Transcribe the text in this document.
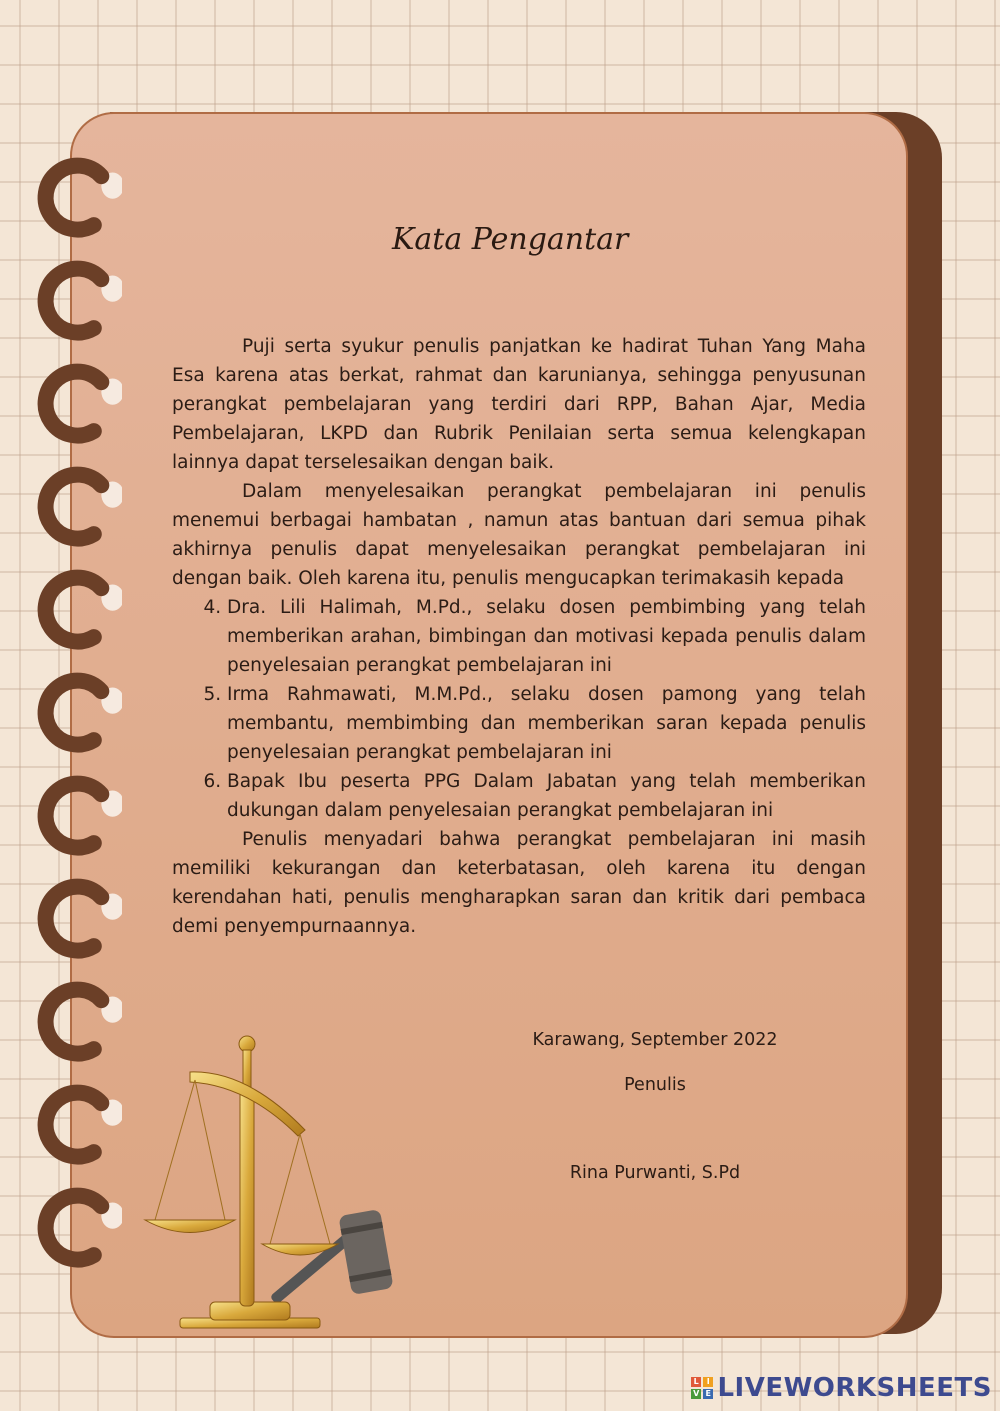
Kata Pengantar

Puji serta syukur penulis panjatkan ke hadirat Tuhan Yang Maha Esa karena atas berkat, rahmat dan karunianya, sehingga penyusunan perangkat pembelajaran yang terdiri dari RPP, Bahan Ajar, Media Pembelajaran, LKPD dan Rubrik Penilaian serta semua kelengkapan lainnya dapat terselesaikan dengan baik.

Dalam menyelesaikan perangkat pembelajaran ini penulis menemui berbagai hambatan , namun atas bantuan dari semua pihak akhirnya penulis dapat menyelesaikan perangkat pembelajaran ini dengan baik. Oleh karena itu, penulis mengucapkan terimakasih kepada

4. Dra. Lili Halimah, M.Pd., selaku dosen pembimbing yang telah memberikan arahan, bimbingan dan motivasi kepada penulis dalam penyelesaian perangkat pembelajaran ini
5. Irma Rahmawati, M.M.Pd., selaku dosen pamong yang telah membantu, membimbing dan memberikan saran kepada penulis penyelesaian perangkat pembelajaran ini
6. Bapak Ibu peserta PPG Dalam Jabatan yang telah memberikan dukungan dalam penyelesaian perangkat pembelajaran ini

Penulis menyadari bahwa perangkat pembelajaran ini masih memiliki kekurangan dan keterbatasan, oleh karena itu dengan kerendahan hati, penulis mengharapkan saran dan kritik dari pembaca demi penyempurnaannya.

Karawang, September 2022
Penulis
Rina Purwanti, S.Pd
L I
V E LIVEWORKSHEETS
